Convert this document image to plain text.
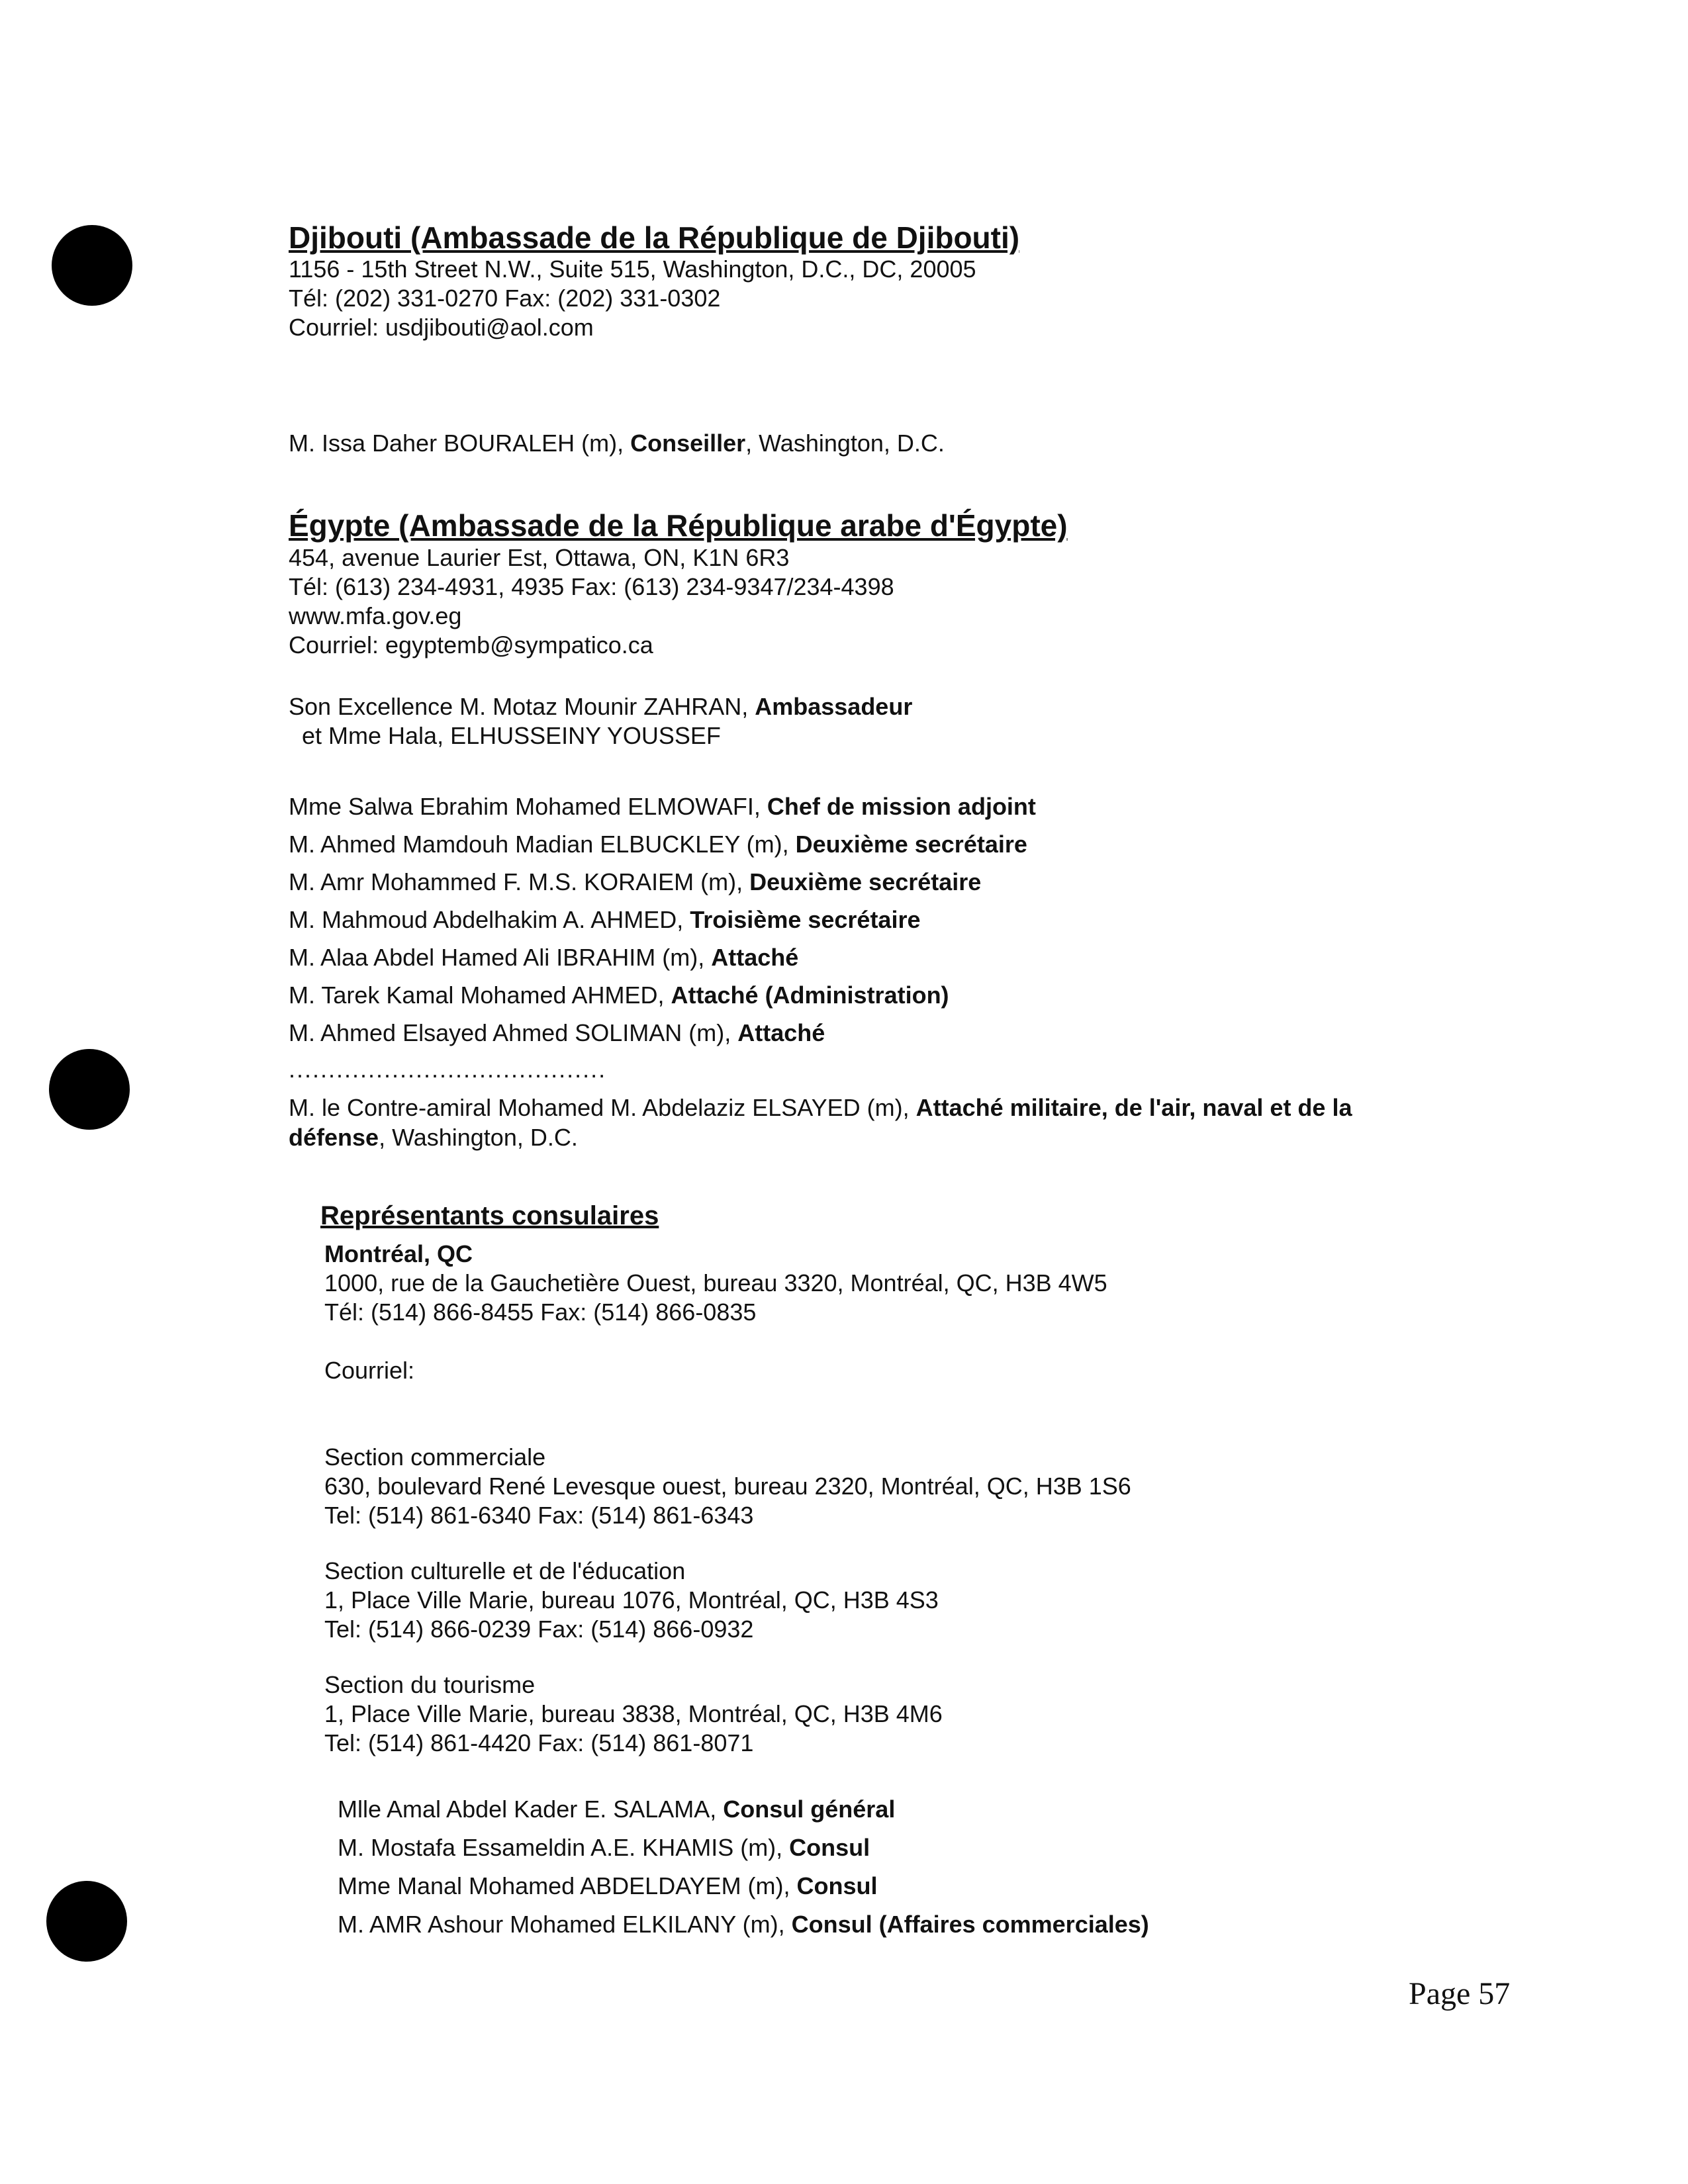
Djibouti (Ambassade de la République de Djibouti)
1156 - 15th Street N.W., Suite 515, Washington, D.C., DC, 20005
Tél: (202) 331-0270 Fax: (202) 331-0302
Courriel: usdjibouti@aol.com
M. Issa Daher BOURALEH (m), Conseiller, Washington, D.C.
Égypte (Ambassade de la République arabe d'Égypte)
454, avenue Laurier Est, Ottawa, ON, K1N 6R3
Tél: (613) 234-4931, 4935 Fax: (613) 234-9347/234-4398
www.mfa.gov.eg
Courriel: egyptemb@sympatico.ca
Son Excellence M. Motaz Mounir ZAHRAN, Ambassadeur
et Mme Hala, ELHUSSEINY YOUSSEF
Mme Salwa Ebrahim Mohamed ELMOWAFI, Chef de mission adjoint
M. Ahmed Mamdouh Madian ELBUCKLEY (m), Deuxième secrétaire
M. Amr Mohammed F. M.S. KORAIEM (m), Deuxième secrétaire
M. Mahmoud Abdelhakim A. AHMED, Troisième secrétaire
M. Alaa Abdel Hamed Ali IBRAHIM (m), Attaché
M. Tarek Kamal Mohamed AHMED, Attaché (Administration)
M. Ahmed Elsayed Ahmed SOLIMAN (m), Attaché
........................................
M. le Contre-amiral Mohamed M. Abdelaziz ELSAYED (m), Attaché militaire, de l'air, naval et de la
défense, Washington, D.C.
Représentants consulaires
Montréal, QC
1000, rue de la Gauchetière Ouest, bureau 3320, Montréal, QC, H3B 4W5
Tél: (514) 866-8455 Fax: (514) 866-0835
Courriel:
Section commerciale
630, boulevard René Levesque ouest, bureau 2320, Montréal, QC, H3B 1S6
Tel: (514) 861-6340 Fax: (514) 861-6343
Section culturelle et de l'éducation
1, Place Ville Marie, bureau 1076, Montréal, QC, H3B 4S3
Tel: (514) 866-0239 Fax: (514) 866-0932
Section du tourisme
1, Place Ville Marie, bureau 3838, Montréal, QC, H3B 4M6
Tel: (514) 861-4420 Fax: (514) 861-8071
Mlle Amal Abdel Kader E. SALAMA, Consul général
M. Mostafa Essameldin A.E. KHAMIS (m), Consul
Mme Manal Mohamed ABDELDAYEM (m), Consul
M. AMR Ashour Mohamed ELKILANY (m), Consul (Affaires commerciales)
Page 57
